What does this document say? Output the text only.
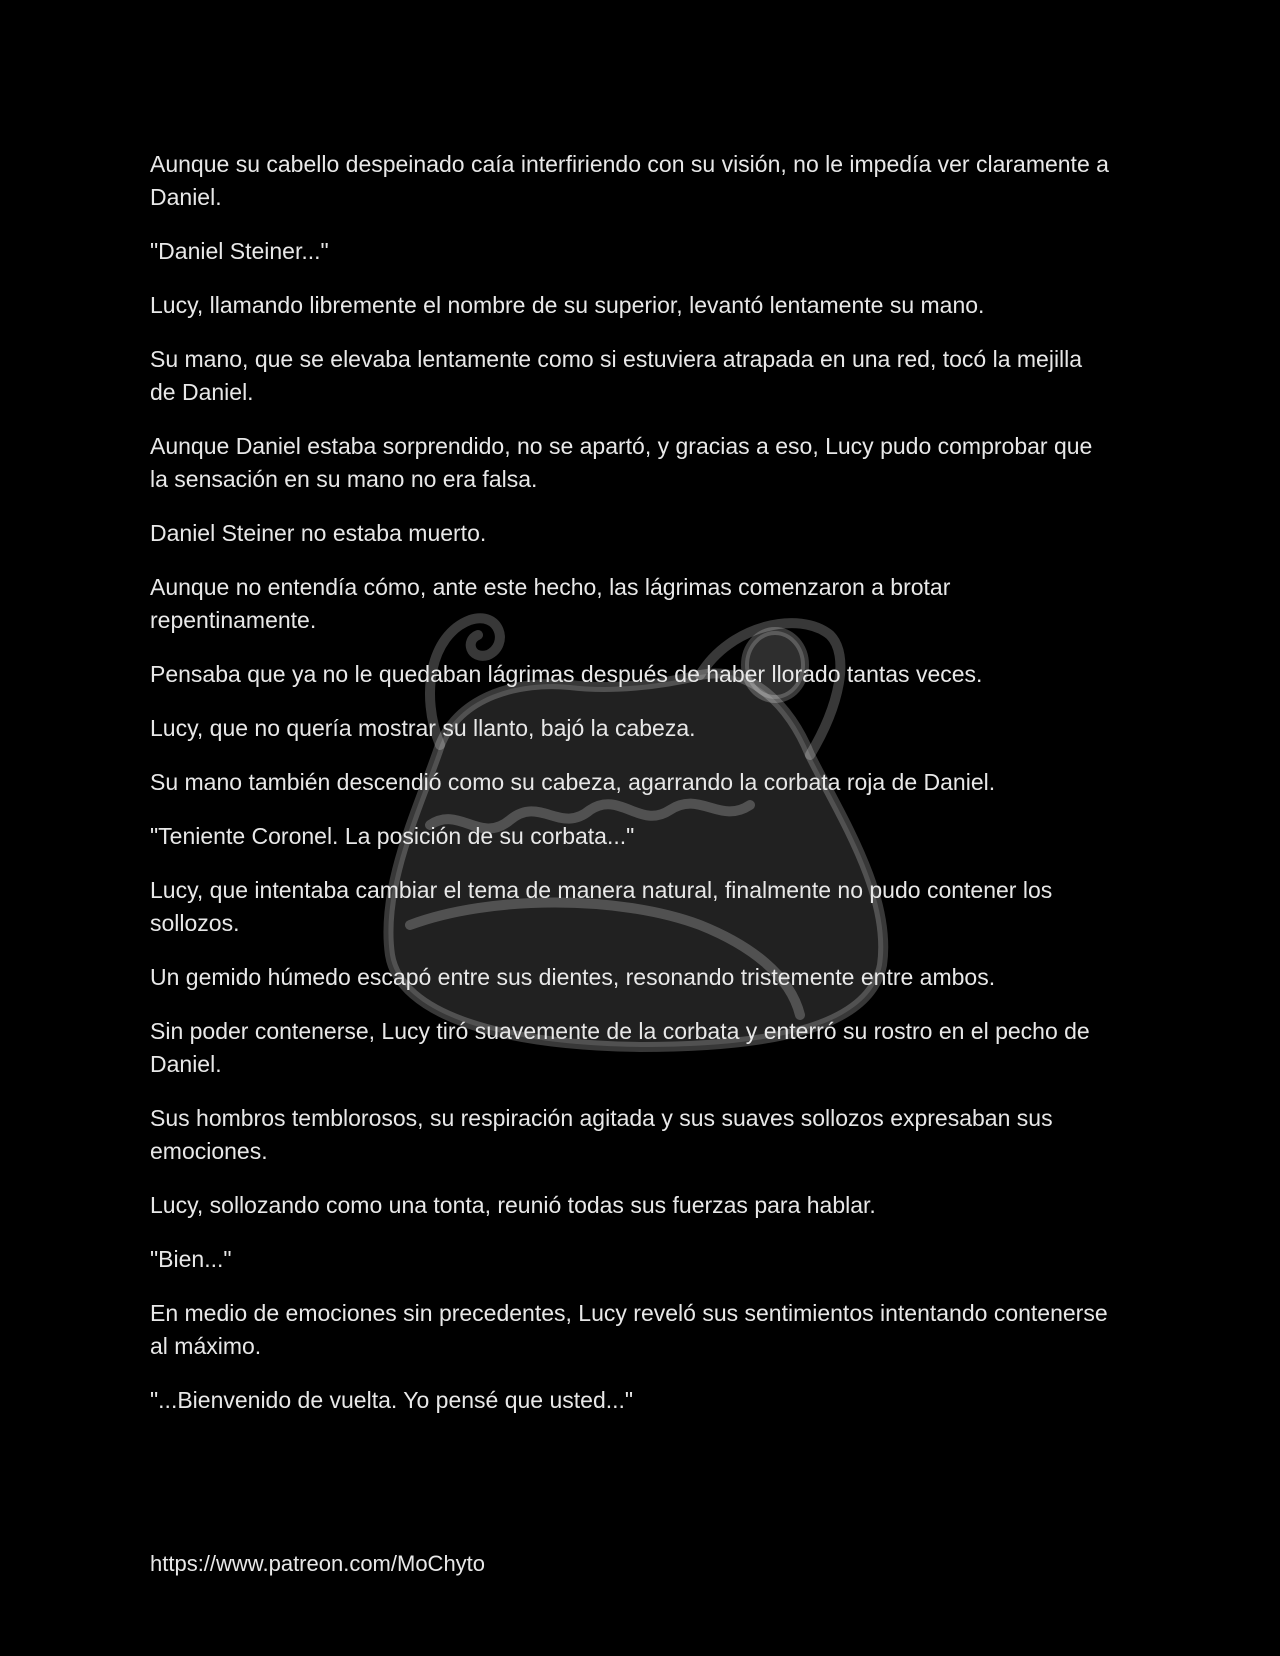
Aunque su cabello despeinado caía interfiriendo con su visión, no le impedía ver claramente a Daniel.

"Daniel Steiner..."

Lucy, llamando libremente el nombre de su superior, levantó lentamente su mano.

Su mano, que se elevaba lentamente como si estuviera atrapada en una red, tocó la mejilla de Daniel.

Aunque Daniel estaba sorprendido, no se apartó, y gracias a eso, Lucy pudo comprobar que la sensación en su mano no era falsa.

Daniel Steiner no estaba muerto.

Aunque no entendía cómo, ante este hecho, las lágrimas comenzaron a brotar repentinamente.

Pensaba que ya no le quedaban lágrimas después de haber llorado tantas veces.

Lucy, que no quería mostrar su llanto, bajó la cabeza.

Su mano también descendió como su cabeza, agarrando la corbata roja de Daniel.

"Teniente Coronel. La posición de su corbata..."

Lucy, que intentaba cambiar el tema de manera natural, finalmente no pudo contener los sollozos.

Un gemido húmedo escapó entre sus dientes, resonando tristemente entre ambos.

Sin poder contenerse, Lucy tiró suavemente de la corbata y enterró su rostro en el pecho de Daniel.

Sus hombros temblorosos, su respiración agitada y sus suaves sollozos expresaban sus emociones.

Lucy, sollozando como una tonta, reunió todas sus fuerzas para hablar.

"Bien..."

En medio de emociones sin precedentes, Lucy reveló sus sentimientos intentando contenerse al máximo.

"...Bienvenido de vuelta. Yo pensé que usted..."

https://www.patreon.com/MoChyto
